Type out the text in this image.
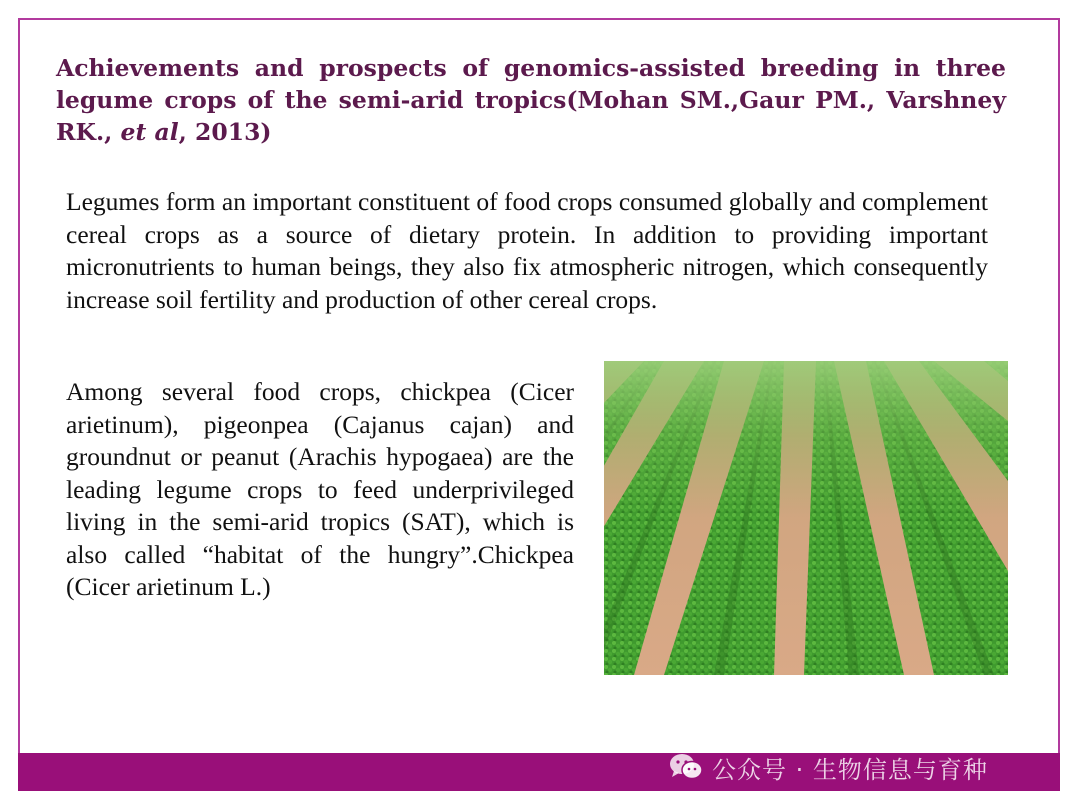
Achievements and prospects of genomics-assisted breeding in three legume crops of the semi-arid tropics(Mohan SM.,Gaur PM., Varshney RK., et al, 2013)

Legumes form an important constituent of food crops consumed globally and complement cereal crops as a source of dietary protein. In addition to providing important micronutrients to human beings, they also fix atmospheric nitrogen, which consequently increase soil fertility and production of other cereal crops.

Among several food crops, chickpea (Cicer arietinum), pigeonpea (Cajanus cajan) and groundnut or peanut (Arachis hypogaea) are the leading legume crops to feed underprivileged living in the semi-arid tropics (SAT), which is also called “habitat of the hungry”.Chickpea (Cicer arietinum L.)

公众号 · 生物信息与育种
